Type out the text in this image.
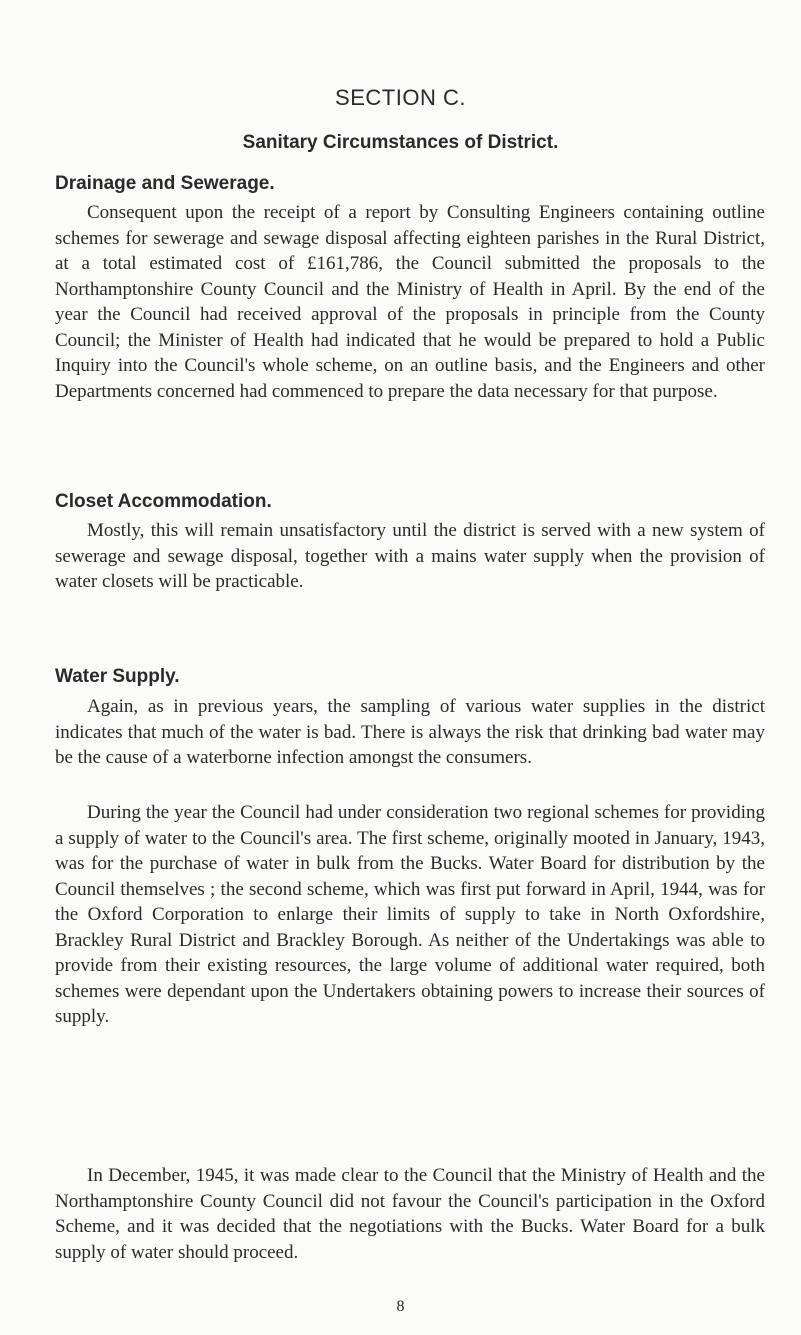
SECTION C.
Sanitary Circumstances of District.
Drainage and Sewerage.

Consequent upon the receipt of a report by Consulting Engineers containing outline schemes for sewerage and sewage disposal affecting eighteen parishes in the Rural District, at a total estimated cost of £161,786, the Council submitted the proposals to the Northamptonshire County Council and the Ministry of Health in April. By the end of the year the Council had received approval of the proposals in principle from the County Council; the Minister of Health had indicated that he would be prepared to hold a Public Inquiry into the Council's whole scheme, on an outline basis, and the Engineers and other Departments concerned had commenced to prepare the data necessary for that purpose.

Closet Accommodation.

Mostly, this will remain unsatisfactory until the district is served with a new system of sewerage and sewage disposal, together with a mains water supply when the provision of water closets will be practicable.

Water Supply.

Again, as in previous years, the sampling of various water supplies in the district indicates that much of the water is bad. There is always the risk that drinking bad water may be the cause of a waterborne infection amongst the consumers.

During the year the Council had under consideration two regional schemes for providing a supply of water to the Council's area. The first scheme, originally mooted in January, 1943, was for the purchase of water in bulk from the Bucks. Water Board for distribution by the Council themselves ; the second scheme, which was first put forward in April, 1944, was for the Oxford Corporation to enlarge their limits of supply to take in North Oxfordshire, Brackley Rural District and Brackley Borough. As neither of the Undertakings was able to provide from their existing resources, the large volume of additional water required, both schemes were dependant upon the Undertakers obtaining powers to increase their sources of supply.

In December, 1945, it was made clear to the Council that the Ministry of Health and the Northamptonshire County Council did not favour the Council's participation in the Oxford Scheme, and it was decided that the negotiations with the Bucks. Water Board for a bulk supply of water should proceed.

8
